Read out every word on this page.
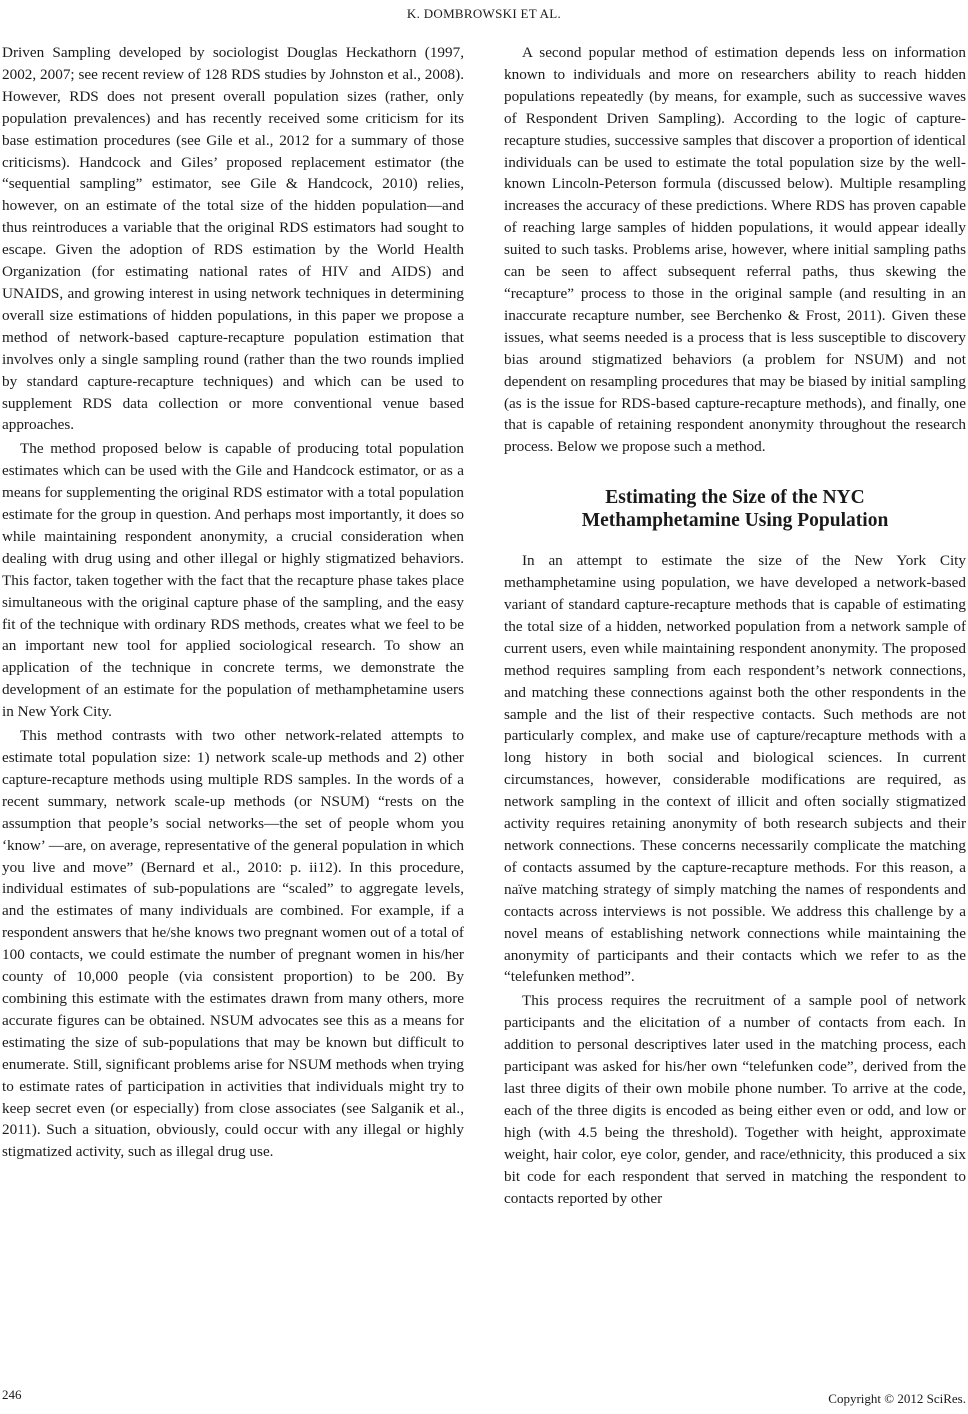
K. DOMBROWSKI ET AL.

Driven Sampling developed by sociologist Douglas Heckathorn (1997, 2002, 2007; see recent review of 128 RDS studies by Johnston et al., 2008). However, RDS does not present overall population sizes (rather, only population prevalences) and has recently received some criticism for its base estimation procedures (see Gile et al., 2012 for a summary of those criticisms). Handcock and Giles’ proposed replacement estimator (the “sequential sampling” estimator, see Gile & Handcock, 2010) relies, however, on an estimate of the total size of the hidden population—and thus reintroduces a variable that the original RDS estimators had sought to escape. Given the adoption of RDS estimation by the World Health Organization (for estimating national rates of HIV and AIDS) and UNAIDS, and growing interest in using network techniques in determining overall size estimations of hidden populations, in this paper we propose a method of network-based capture-recapture population estimation that involves only a single sampling round (rather than the two rounds implied by standard capture-recapture techniques) and which can be used to supplement RDS data collection or more conventional venue based approaches.

The method proposed below is capable of producing total population estimates which can be used with the Gile and Handcock estimator, or as a means for supplementing the original RDS estimator with a total population estimate for the group in question. And perhaps most importantly, it does so while maintaining respondent anonymity, a crucial consideration when dealing with drug using and other illegal or highly stigmatized behaviors. This factor, taken together with the fact that the recapture phase takes place simultaneous with the original capture phase of the sampling, and the easy fit of the technique with ordinary RDS methods, creates what we feel to be an important new tool for applied sociological research. To show an application of the technique in concrete terms, we demonstrate the development of an estimate for the population of methamphetamine users in New York City.

This method contrasts with two other network-related attempts to estimate total population size: 1) network scale-up methods and 2) other capture-recapture methods using multiple RDS samples. In the words of a recent summary, network scale-up methods (or NSUM) “rests on the assumption that people’s social networks—the set of people whom you ‘know’ —are, on average, representative of the general population in which you live and move” (Bernard et al., 2010: p. ii12). In this procedure, individual estimates of sub-populations are “scaled” to aggregate levels, and the estimates of many individuals are combined. For example, if a respondent answers that he/she knows two pregnant women out of a total of 100 contacts, we could estimate the number of pregnant women in his/her county of 10,000 people (via consistent proportion) to be 200. By combining this estimate with the estimates drawn from many others, more accurate figures can be obtained. NSUM advocates see this as a means for estimating the size of sub-populations that may be known but difficult to enumerate. Still, significant problems arise for NSUM methods when trying to estimate rates of participation in activities that individuals might try to keep secret even (or especially) from close associates (see Salganik et al., 2011). Such a situation, obviously, could occur with any illegal or highly stigmatized activity, such as illegal drug use.

A second popular method of estimation depends less on information known to individuals and more on researchers ability to reach hidden populations repeatedly (by means, for example, such as successive waves of Respondent Driven Sampling). According to the logic of capture-recapture studies, successive samples that discover a proportion of identical individuals can be used to estimate the total population size by the well-known Lincoln-Peterson formula (discussed below). Multiple resampling increases the accuracy of these predictions. Where RDS has proven capable of reaching large samples of hidden populations, it would appear ideally suited to such tasks. Problems arise, however, where initial sampling paths can be seen to affect subsequent referral paths, thus skewing the “recapture” process to those in the original sample (and resulting in an inaccurate recapture number, see Berchenko & Frost, 2011). Given these issues, what seems needed is a process that is less susceptible to discovery bias around stigmatized behaviors (a problem for NSUM) and not dependent on resampling procedures that may be biased by initial sampling (as is the issue for RDS-based capture-recapture methods), and finally, one that is capable of retaining respondent anonymity throughout the research process. Below we propose such a method.

Estimating the Size of the NYC
Methamphetamine Using Population

In an attempt to estimate the size of the New York City methamphetamine using population, we have developed a network-based variant of standard capture-recapture methods that is capable of estimating the total size of a hidden, networked population from a network sample of current users, even while maintaining respondent anonymity. The proposed method requires sampling from each respondent’s network connections, and matching these connections against both the other respondents in the sample and the list of their respective contacts. Such methods are not particularly complex, and make use of capture/recapture methods with a long history in both social and biological sciences. In current circumstances, however, considerable modifications are required, as network sampling in the context of illicit and often socially stigmatized activity requires retaining anonymity of both research subjects and their network connections. These concerns necessarily complicate the matching of contacts assumed by the capture-recapture methods. For this reason, a naïve matching strategy of simply matching the names of respondents and contacts across interviews is not possible. We address this challenge by a novel means of establishing network connections while maintaining the anonymity of participants and their contacts which we refer to as the “telefunken method”.

This process requires the recruitment of a sample pool of network participants and the elicitation of a number of contacts from each. In addition to personal descriptives later used in the matching process, each participant was asked for his/her own “telefunken code”, derived from the last three digits of their own mobile phone number. To arrive at the code, each of the three digits is encoded as being either even or odd, and low or high (with 4.5 being the threshold). Together with height, approximate weight, hair color, eye color, gender, and race/ethnicity, this produced a six bit code for each respondent that served in matching the respondent to contacts reported by other

246	Copyright © 2012 SciRes.
